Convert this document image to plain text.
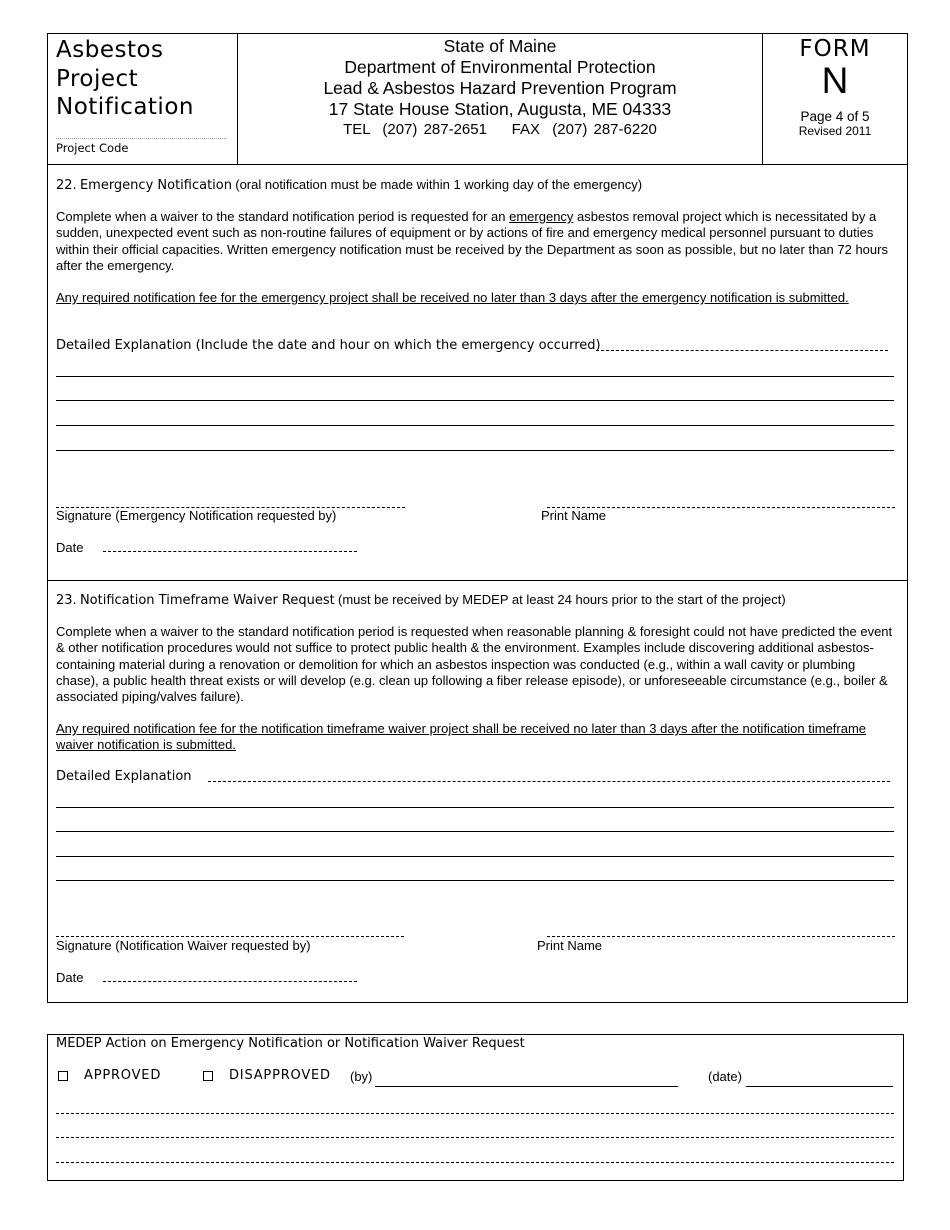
Asbestos
Project
Notification
Project Code
State of Maine
Department of Environmental Protection
Lead & Asbestos Hazard Prevention Program
17 State House Station, Augusta, ME 04333
TEL  (207) 287-2651    FAX  (207) 287-6220
FORM
N
Page 4 of 5
Revised 2011
22. Emergency Notification (oral notification must be made within 1 working day of the emergency)
Complete when a waiver to the standard notification period is requested for an emergency asbestos removal project which is necessitated by a sudden, unexpected event such as non-routine failures of equipment or by actions of fire and emergency medical personnel pursuant to duties within their official capacities. Written emergency notification must be received by the Department as soon as possible, but no later than 72 hours after the emergency.
Any required notification fee for the emergency project shall be received no later than 3 days after the emergency notification is submitted.
Detailed Explanation (Include the date and hour on which the emergency occurred)
Signature (Emergency Notification requested by)	Print Name
Date
23. Notification Timeframe Waiver Request (must be received by MEDEP at least 24 hours prior to the start of the project)
Complete when a waiver to the standard notification period is requested when reasonable planning & foresight could not have predicted the event & other notification procedures would not suffice to protect public health & the environment. Examples include discovering additional asbestos-containing material during a renovation or demolition for which an asbestos inspection was conducted (e.g., within a wall cavity or plumbing chase), a public health threat exists or will develop (e.g. clean up following a fiber release episode), or unforeseeable circumstance (e.g., boiler & associated piping/valves failure).
Any required notification fee for the notification timeframe waiver project shall be received no later than 3 days after the notification timeframe waiver notification is submitted.
Detailed Explanation
Signature (Notification Waiver requested by)	Print Name
Date
MEDEP Action on Emergency Notification or Notification Waiver Request
APPROVED	DISAPPROVED (by)	(date)
